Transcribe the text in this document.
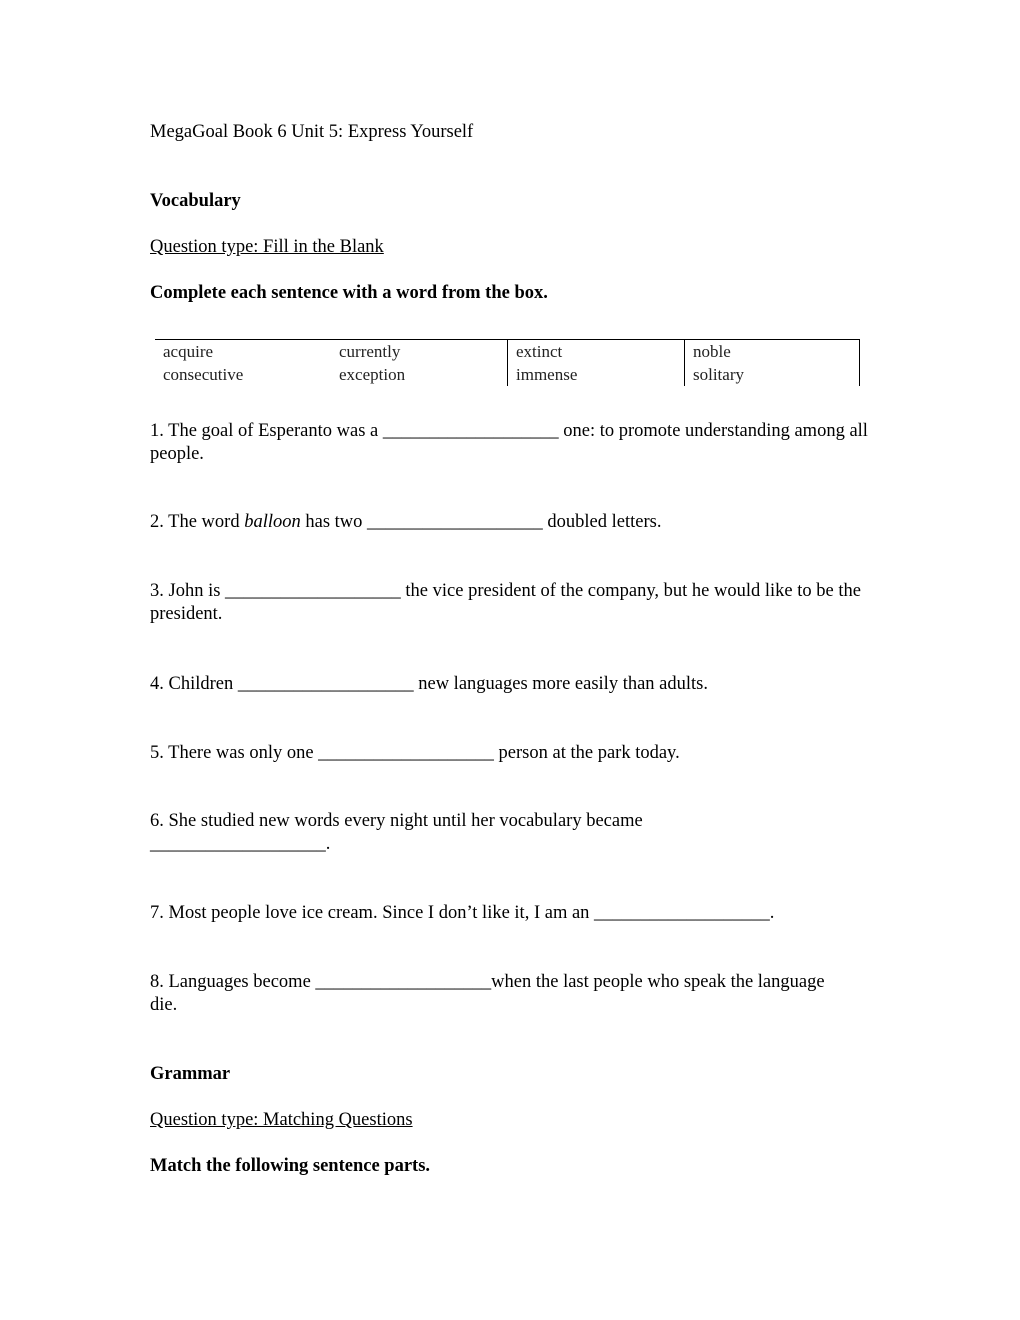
MegaGoal Book 6 Unit 5: Express Yourself
Vocabulary
Question type: Fill in the Blank
Complete each sentence with a word from the box.
acquire
consecutive
currently
exception
extinct
immense
noble
solitary
1. The goal of Esperanto was a ___________________ one: to promote understanding among all people.
2. The word balloon has two ___________________ doubled letters.
3. John is ___________________ the vice president of the company, but he would like to be the president.
4. Children ___________________ new languages more easily than adults.
5. There was only one ___________________ person at the park today.
6. She studied new words every night until her vocabulary became ___________________.
7. Most people love ice cream. Since I don’t like it, I am an ___________________.
8. Languages become ___________________when the last people who speak the language die.
Grammar
Question type: Matching Questions
Match the following sentence parts.
